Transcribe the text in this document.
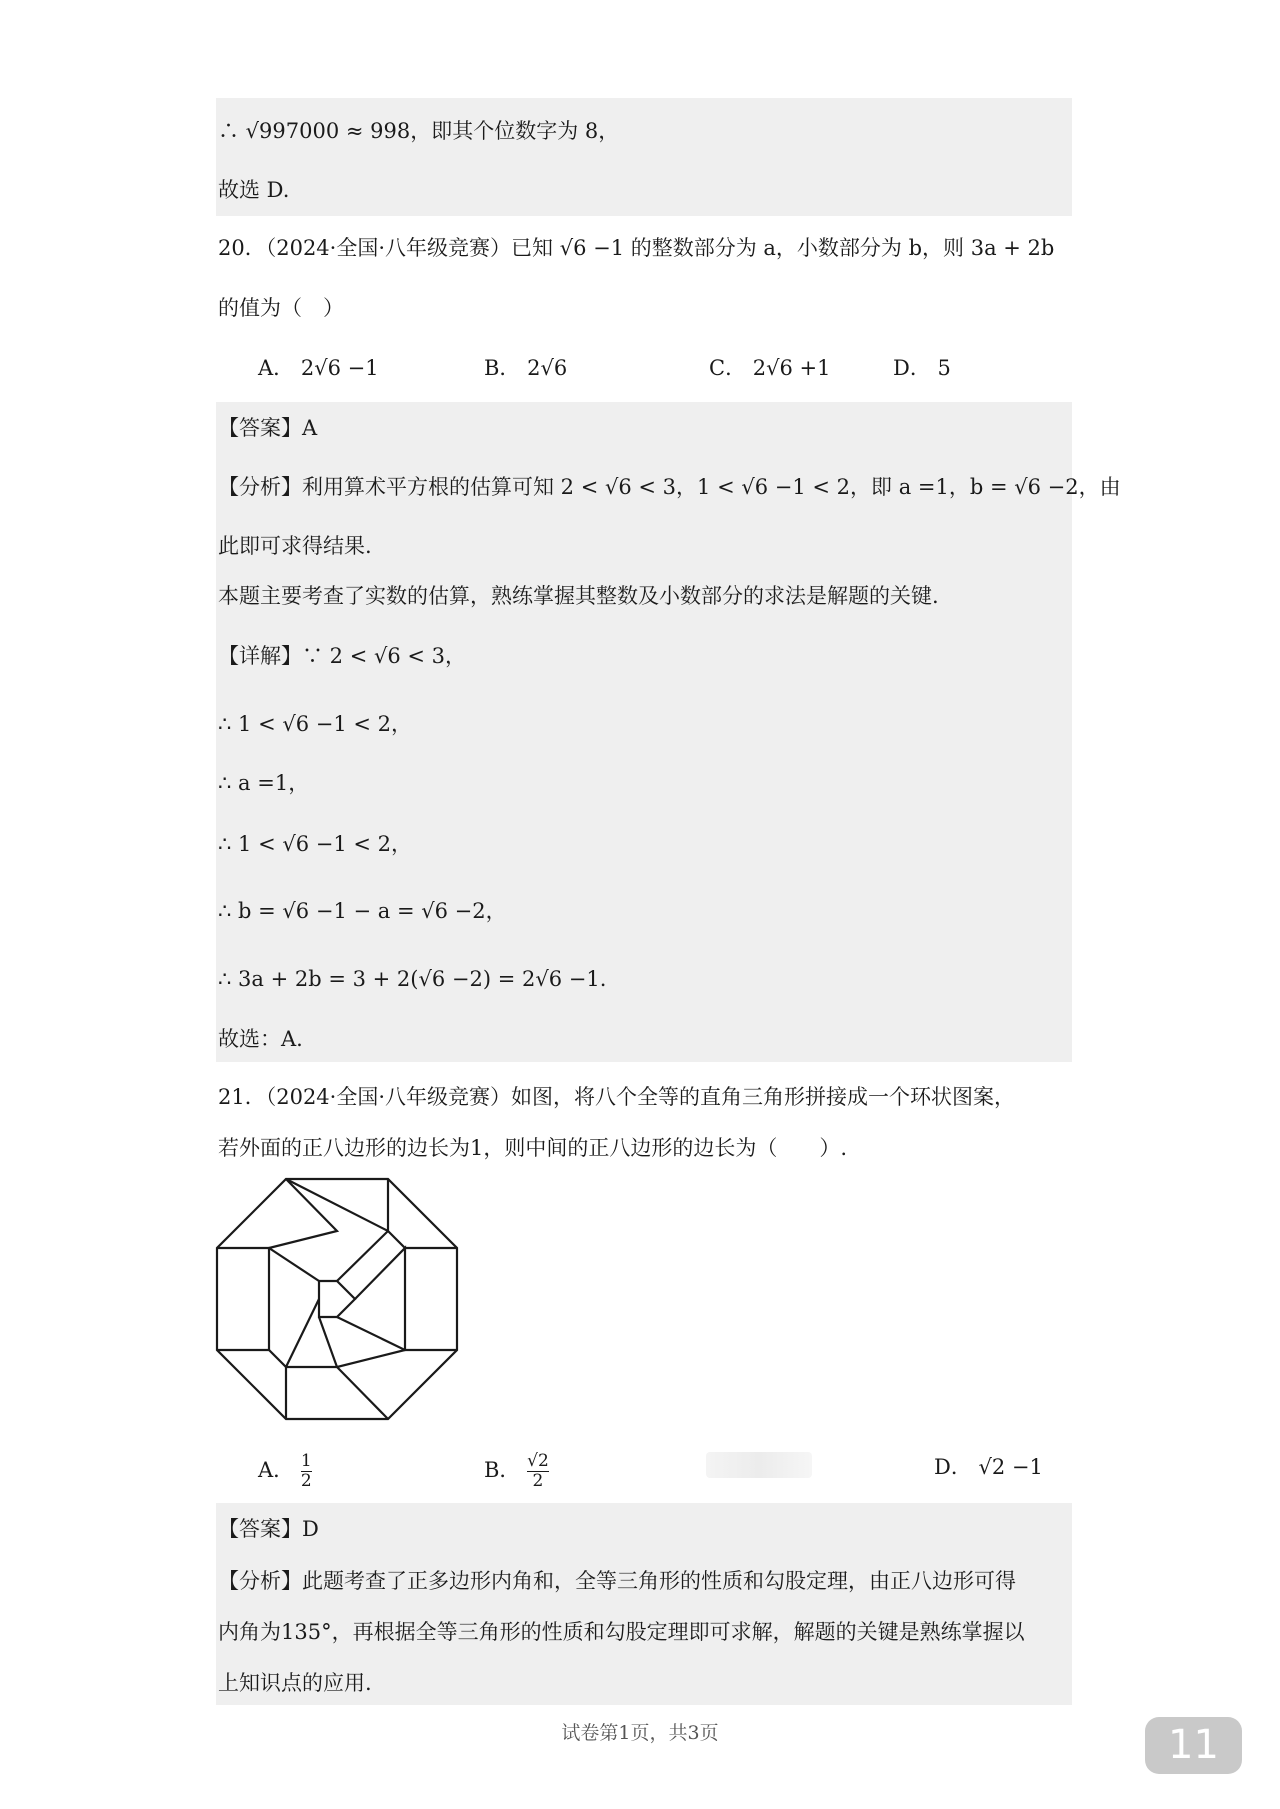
∴ √997000 ≈ 998，即其个位数字为 8，
故选 D.
20．（2024·全国·八年级竞赛）已知 √6 −1 的整数部分为 a，小数部分为 b，则 3a + 2b
的值为（　）
A． 2√6 −1	B． 2√6	C． 2√6 +1	D． 5
【答案】A
【分析】利用算术平方根的估算可知 2 < √6 < 3，1 < √6 −1 < 2，即 a =1，b = √6 −2，由
此即可求得结果.
本题主要考查了实数的估算，熟练掌握其整数及小数部分的求法是解题的关键.
【详解】∵ 2 < √6 < 3，
∴ 1 < √6 −1 < 2，
∴ a =1，
∴ 1 < √6 −1 < 2，
∴ b = √6 −1 − a = √6 −2，
∴ 3a + 2b = 3 + 2(√6 −2) = 2√6 −1.
故选：A.
21．（2024·全国·八年级竞赛）如图，将八个全等的直角三角形拼接成一个环状图案，
若外面的正八边形的边长为1，则中间的正八边形的边长为（　　）.
A． $\frac{1}{2}$	B． $\frac{√2}{2}$	D． √2 −1
【答案】D
【分析】此题考查了正多边形内角和，全等三角形的性质和勾股定理，由正八边形可得
内角为135°，再根据全等三角形的性质和勾股定理即可求解，解题的关键是熟练掌握以
上知识点的应用.
试卷第1页，共3页	11
